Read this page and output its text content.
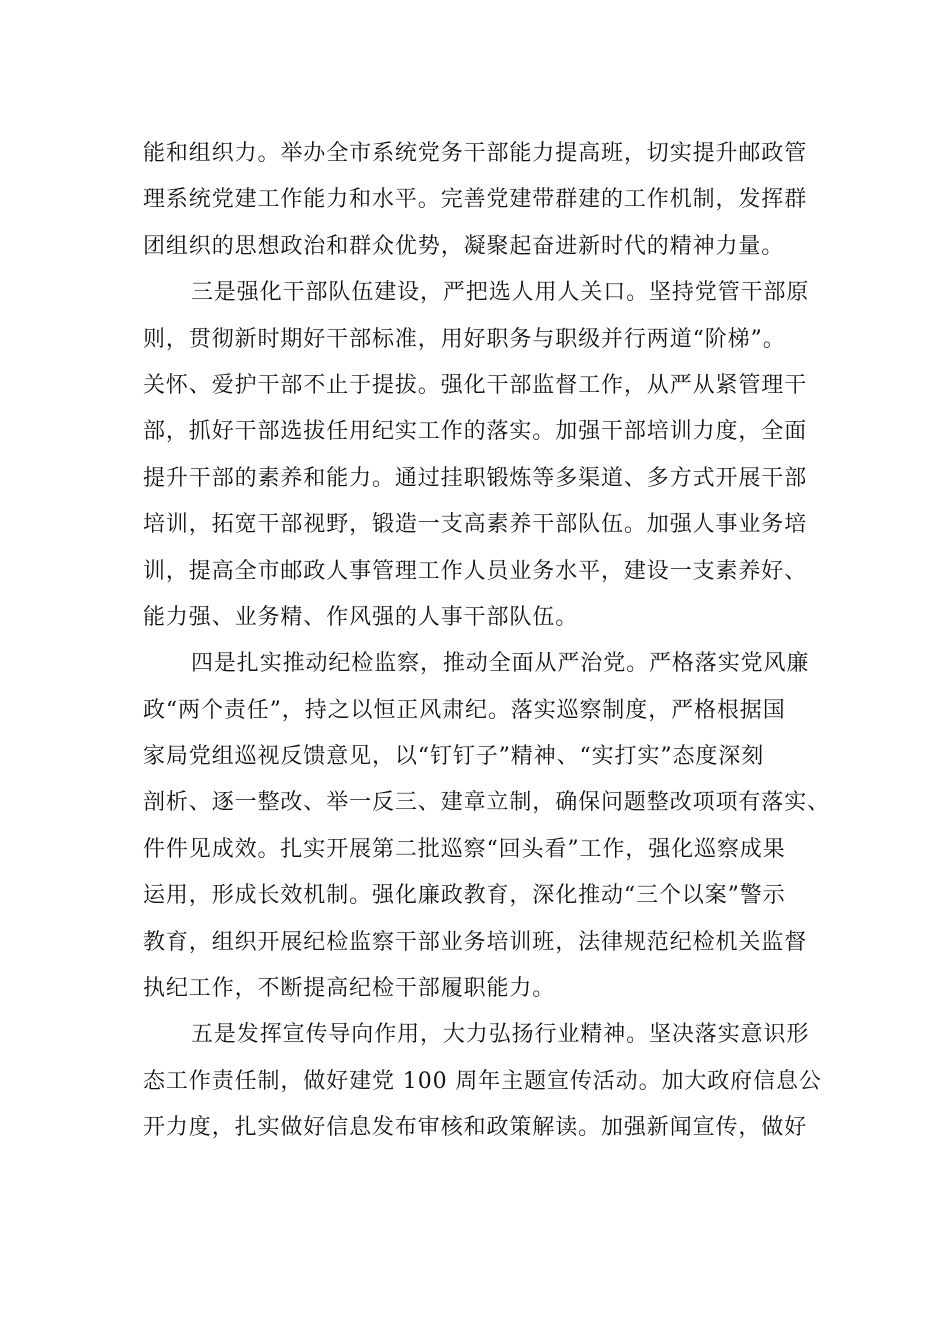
能和组织力。举办全市系统党务干部能力提高班，切实提升邮政管
理系统党建工作能力和水平。完善党建带群建的工作机制，发挥群
团组织的思想政治和群众优势，凝聚起奋进新时代的精神力量。
三是强化干部队伍建设，严把选人用人关口。坚持党管干部原
则，贯彻新时期好干部标准，用好职务与职级并行两道“阶梯”。
关怀、爱护干部不止于提拔。强化干部监督工作，从严从紧管理干
部，抓好干部选拔任用纪实工作的落实。加强干部培训力度，全面
提升干部的素养和能力。通过挂职锻炼等多渠道、多方式开展干部
培训，拓宽干部视野，锻造一支高素养干部队伍。加强人事业务培
训，提高全市邮政人事管理工作人员业务水平，建设一支素养好、
能力强、业务精、作风强的人事干部队伍。
四是扎实推动纪检监察，推动全面从严治党。严格落实党风廉
政“两个责任”，持之以恒正风肃纪。落实巡察制度，严格根据国
家局党组巡视反馈意见，以“钉钉子”精神、“实打实”态度深刻
剖析、逐一整改、举一反三、建章立制，确保问题整改项项有落实、
件件见成效。扎实开展第二批巡察“回头看”工作，强化巡察成果
运用，形成长效机制。强化廉政教育，深化推动“三个以案”警示
教育，组织开展纪检监察干部业务培训班，法律规范纪检机关监督
执纪工作，不断提高纪检干部履职能力。
五是发挥宣传导向作用，大力弘扬行业精神。坚决落实意识形
态工作责任制，做好建党 100 周年主题宣传活动。加大政府信息公
开力度，扎实做好信息发布审核和政策解读。加强新闻宣传，做好
